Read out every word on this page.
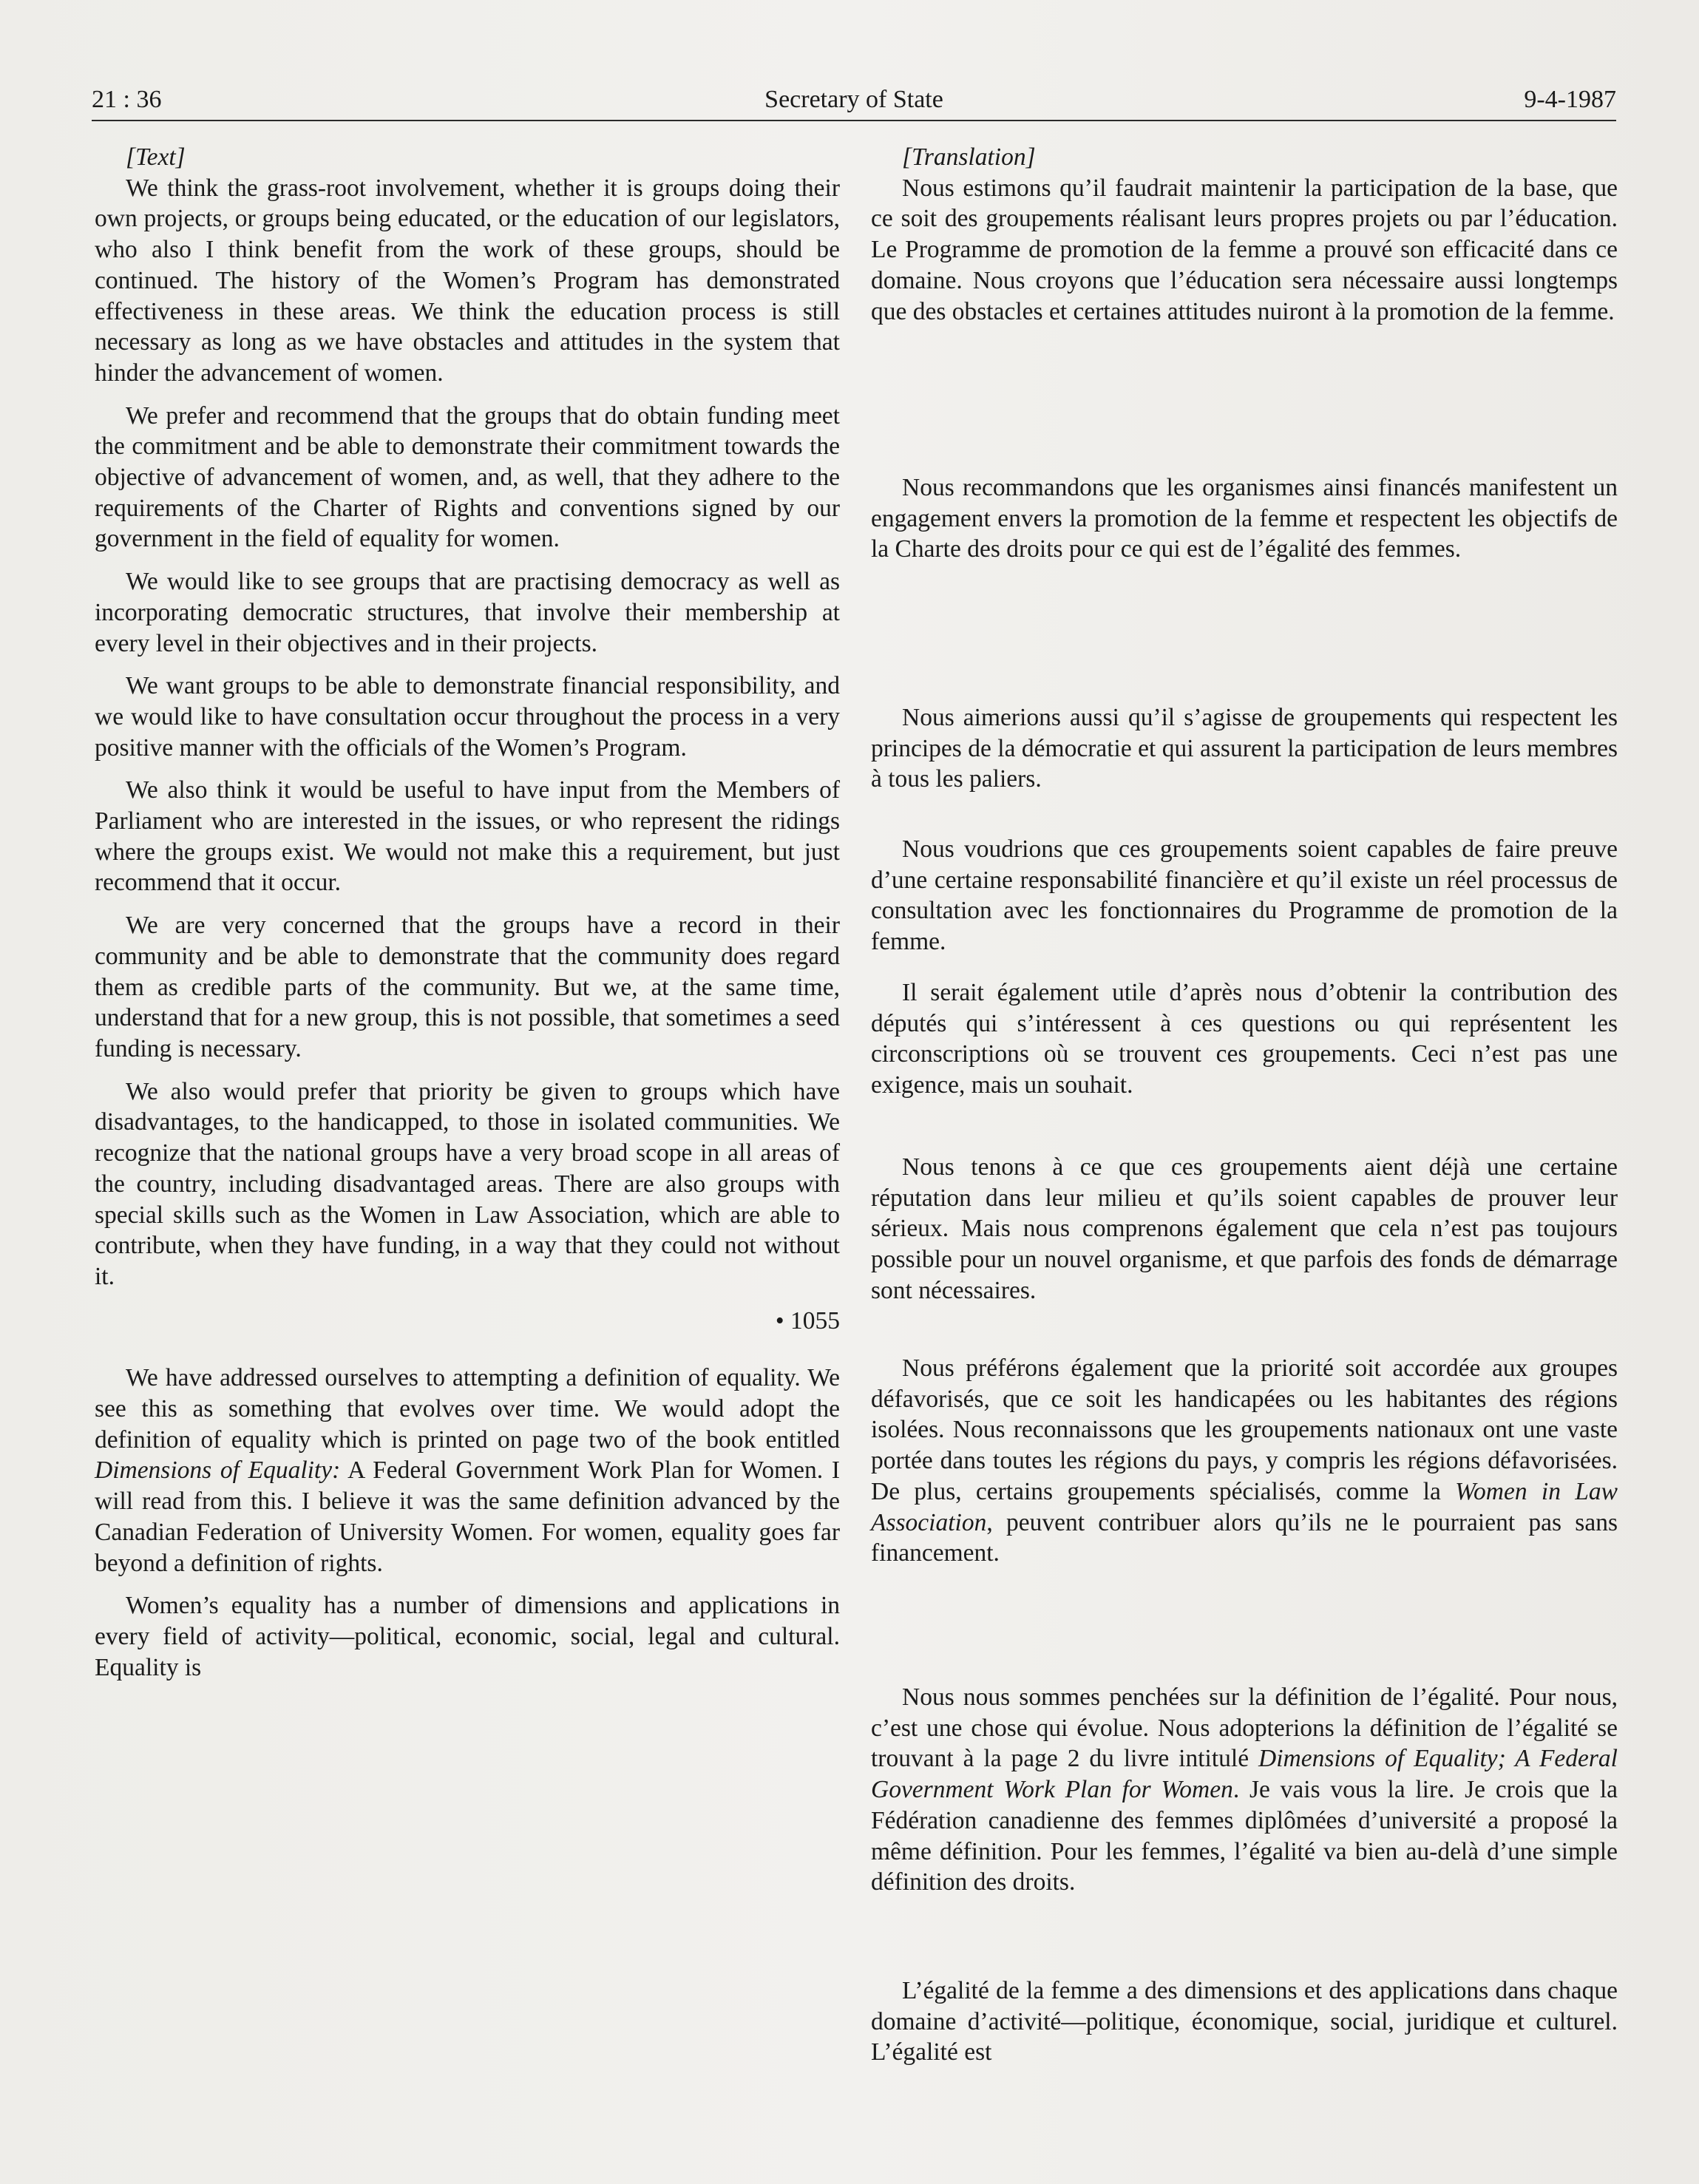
21 : 36	Secretary of State	9-4-1987

[Text]

We think the grass-root involvement, whether it is groups doing their own projects, or groups being educated, or the education of our legislators, who also I think benefit from the work of these groups, should be continued. The history of the Women’s Program has demonstrated effectiveness in these areas. We think the education process is still necessary as long as we have obstacles and attitudes in the system that hinder the advancement of women.

We prefer and recommend that the groups that do obtain funding meet the commitment and be able to demonstrate their commitment towards the objective of advancement of women, and, as well, that they adhere to the requirements of the Charter of Rights and conventions signed by our government in the field of equality for women.

We would like to see groups that are practising democracy as well as incorporating democratic structures, that involve their membership at every level in their objectives and in their projects.

We want groups to be able to demonstrate financial responsibility, and we would like to have consultation occur throughout the process in a very positive manner with the officials of the Women’s Program.

We also think it would be useful to have input from the Members of Parliament who are interested in the issues, or who represent the ridings where the groups exist. We would not make this a requirement, but just recommend that it occur.

We are very concerned that the groups have a record in their community and be able to demonstrate that the community does regard them as credible parts of the community. But we, at the same time, understand that for a new group, this is not possible, that sometimes a seed funding is necessary.

We also would prefer that priority be given to groups which have disadvantages, to the handicapped, to those in isolated communities. We recognize that the national groups have a very broad scope in all areas of the country, including disadvantaged areas. There are also groups with special skills such as the Women in Law Association, which are able to contribute, when they have funding, in a way that they could not without it.

• 1055

We have addressed ourselves to attempting a definition of equality. We see this as something that evolves over time. We would adopt the definition of equality which is printed on page two of the book entitled Dimensions of Equality: A Federal Government Work Plan for Women. I will read from this. I believe it was the same definition advanced by the Canadian Federation of University Women. For women, equality goes far beyond a definition of rights.

Women’s equality has a number of dimensions and applications in every field of activity—political, economic, social, legal and cultural. Equality is

[Translation]

Nous estimons qu’il faudrait maintenir la participation de la base, que ce soit des groupements réalisant leurs propres projets ou par l’éducation. Le Programme de promotion de la femme a prouvé son efficacité dans ce domaine. Nous croyons que l’éducation sera nécessaire aussi longtemps que des obstacles et certaines attitudes nuiront à la promotion de la femme.

Nous recommandons que les organismes ainsi financés manifestent un engagement envers la promotion de la femme et respectent les objectifs de la Charte des droits pour ce qui est de l’égalité des femmes.

Nous aimerions aussi qu’il s’agisse de groupements qui respectent les principes de la démocratie et qui assurent la participation de leurs membres à tous les paliers.

Nous voudrions que ces groupements soient capables de faire preuve d’une certaine responsabilité financière et qu’il existe un réel processus de consultation avec les fonctionnaires du Programme de promotion de la femme.

Il serait également utile d’après nous d’obtenir la contribution des députés qui s’intéressent à ces questions ou qui représentent les circonscriptions où se trouvent ces groupements. Ceci n’est pas une exigence, mais un souhait.

Nous tenons à ce que ces groupements aient déjà une certaine réputation dans leur milieu et qu’ils soient capables de prouver leur sérieux. Mais nous comprenons également que cela n’est pas toujours possible pour un nouvel organisme, et que parfois des fonds de démarrage sont nécessaires.

Nous préférons également que la priorité soit accordée aux groupes défavorisés, que ce soit les handicapées ou les habitantes des régions isolées. Nous reconnaissons que les groupements nationaux ont une vaste portée dans toutes les régions du pays, y compris les régions défavorisées. De plus, certains groupements spécialisés, comme la Women in Law Association, peuvent contribuer alors qu’ils ne le pourraient pas sans financement.

Nous nous sommes penchées sur la définition de l’égalité. Pour nous, c’est une chose qui évolue. Nous adopterions la définition de l’égalité se trouvant à la page 2 du livre intitulé Dimensions of Equality; A Federal Government Work Plan for Women. Je vais vous la lire. Je crois que la Fédération canadienne des femmes diplômées d’université a proposé la même définition. Pour les femmes, l’égalité va bien au-delà d’une simple définition des droits.

L’égalité de la femme a des dimensions et des applications dans chaque domaine d’activité—politique, économique, social, juridique et culturel. L’égalité est
